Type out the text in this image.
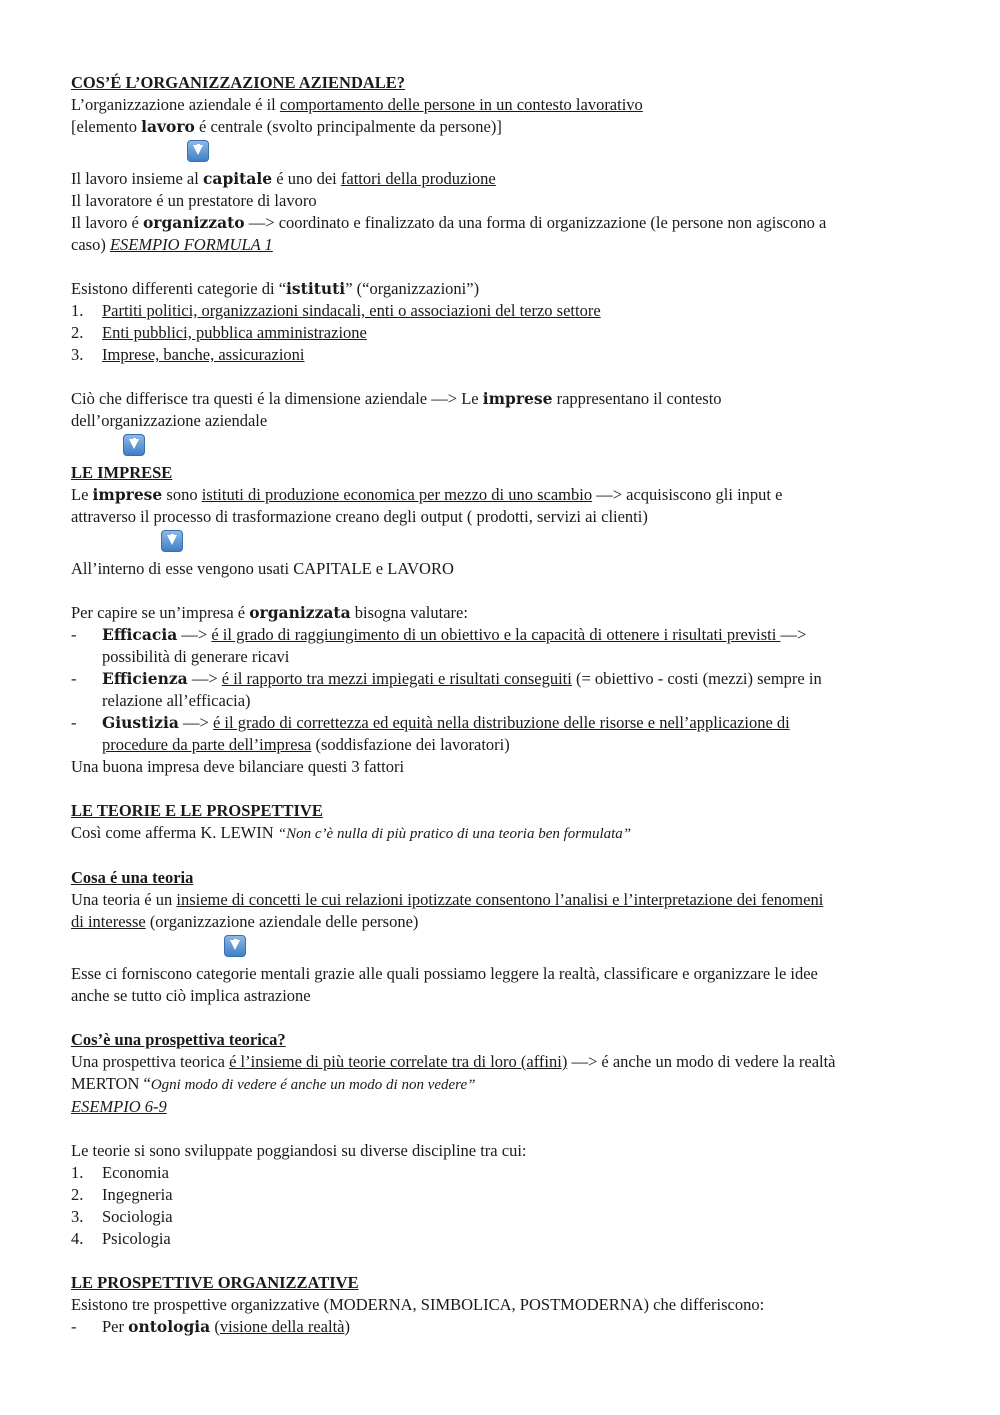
COS’É L’ORGANIZZAZIONE AZIENDALE?
L’organizzazione aziendale é il comportamento delle persone in un contesto lavorativo
[elemento lavoro é centrale (svolto principalmente da persone)]
Il lavoro insieme al capitale é uno dei fattori della produzione
Il lavoratore é un prestatore di lavoro
Il lavoro é organizzato —> coordinato e finalizzato da una forma di organizzazione (le persone non agiscono a
caso) ESEMPIO FORMULA 1
Esistono differenti categorie di “istituti” (“organizzazioni”)
1. Partiti politici, organizzazioni sindacali, enti o associazioni del terzo settore
2. Enti pubblici, pubblica amministrazione
3. Imprese, banche, assicurazioni
Ciò che differisce tra questi é la dimensione aziendale —> Le imprese rappresentano il contesto
dell’organizzazione aziendale
LE IMPRESE
Le imprese sono istituti di produzione economica per mezzo di uno scambio —> acquisiscono gli input e
attraverso il processo di trasformazione creano degli output ( prodotti, servizi ai clienti)
All’interno di esse vengono usati CAPITALE e LAVORO
Per capire se un’impresa é organizzata bisogna valutare:
- Efficacia —> é il grado di raggiungimento di un obiettivo e la capacità di ottenere i risultati previsti —>
possibilità di generare ricavi
- Efficienza —> é il rapporto tra mezzi impiegati e risultati conseguiti (= obiettivo - costi (mezzi) sempre in
relazione all’efficacia)
- Giustizia —> é il grado di correttezza ed equità nella distribuzione delle risorse e nell’applicazione di
procedure da parte dell’impresa (soddisfazione dei lavoratori)
Una buona impresa deve bilanciare questi 3 fattori
LE TEORIE E LE PROSPETTIVE
Così come afferma K. LEWIN “Non c’è nulla di più pratico di una teoria ben formulata”
Cosa é una teoria
Una teoria é un insieme di concetti le cui relazioni ipotizzate consentono l’analisi e l’interpretazione dei fenomeni
di interesse (organizzazione aziendale delle persone)
Esse ci forniscono categorie mentali grazie alle quali possiamo leggere la realtà, classificare e organizzare le idee
anche se tutto ciò implica astrazione
Cos’è una prospettiva teorica?
Una prospettiva teorica é l’insieme di più teorie correlate tra di loro (affini) —> é anche un modo di vedere la realtà
MERTON “Ogni modo di vedere é anche un modo di non vedere”
ESEMPIO 6-9
Le teorie si sono sviluppate poggiandosi su diverse discipline tra cui:
1. Economia
2. Ingegneria
3. Sociologia
4. Psicologia
LE PROSPETTIVE ORGANIZZATIVE
Esistono tre prospettive organizzative (MODERNA, SIMBOLICA, POSTMODERNA) che differiscono:
- Per ontologia (visione della realtà)
